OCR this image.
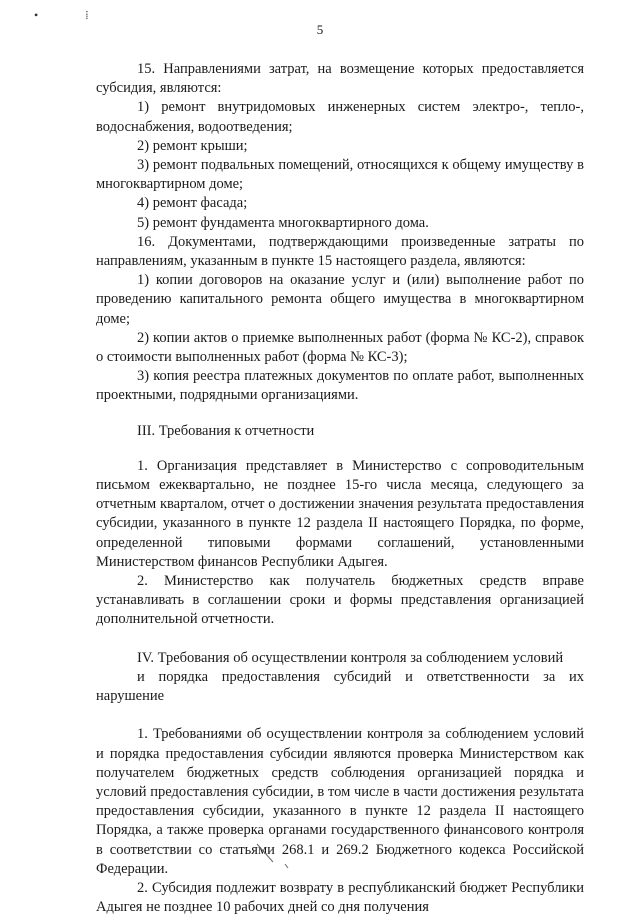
• ⁞
5

15. Направлениями затрат, на возмещение которых предоставляется субсидия, являются:

1) ремонт внутридомовых инженерных систем электро-, тепло-, водоснабжения, водоотведения;

2) ремонт крыши;

3) ремонт подвальных помещений, относящихся к общему имуществу в многоквартирном доме;

4) ремонт фасада;

5) ремонт фундамента многоквартирного дома.

16. Документами, подтверждающими произведенные затраты по направлениям, указанным в пункте 15 настоящего раздела, являются:

1) копии договоров на оказание услуг и (или) выполнение работ по проведению капитального ремонта общего имущества в многоквартирном доме;

2) копии актов о приемке выполненных работ (форма № КС-2), справок о стоимости выполненных работ (форма № КС-3);

3) копия реестра платежных документов по оплате работ, выполненных проектными, подрядными организациями.

III. Требования к отчетности

1. Организация представляет в Министерство с сопроводительным письмом ежеквартально, не позднее 15-го числа месяца, следующего за отчетным кварталом, отчет о достижении значения результата предоставления субсидии, указанного в пункте 12 раздела II настоящего Порядка, по форме, определенной типовыми формами соглашений, установленными Министерством финансов Республики Адыгея.

2. Министерство как получатель бюджетных средств вправе устанавливать в соглашении сроки и формы представления организацией дополнительной отчетности.

IV. Требования об осуществлении контроля за соблюдением условий

и порядка предоставления субсидий и ответственности за их нарушение

1. Требованиями об осуществлении контроля за соблюдением условий и порядка предоставления субсидии являются проверка Министерством как получателем бюджетных средств соблюдения организацией порядка и условий предоставления субсидии, в том числе в части достижения результата предоставления субсидии, указанного в пункте 12 раздела II настоящего Порядка, а также проверка органами государственного финансового контроля в соответствии со статьями 268.1 и 269.2 Бюджетного кодекса Российской Федерации.

2. Субсидия подлежит возврату в республиканский бюджет Республики Адыгея не позднее 10 рабочих дней со дня получения
